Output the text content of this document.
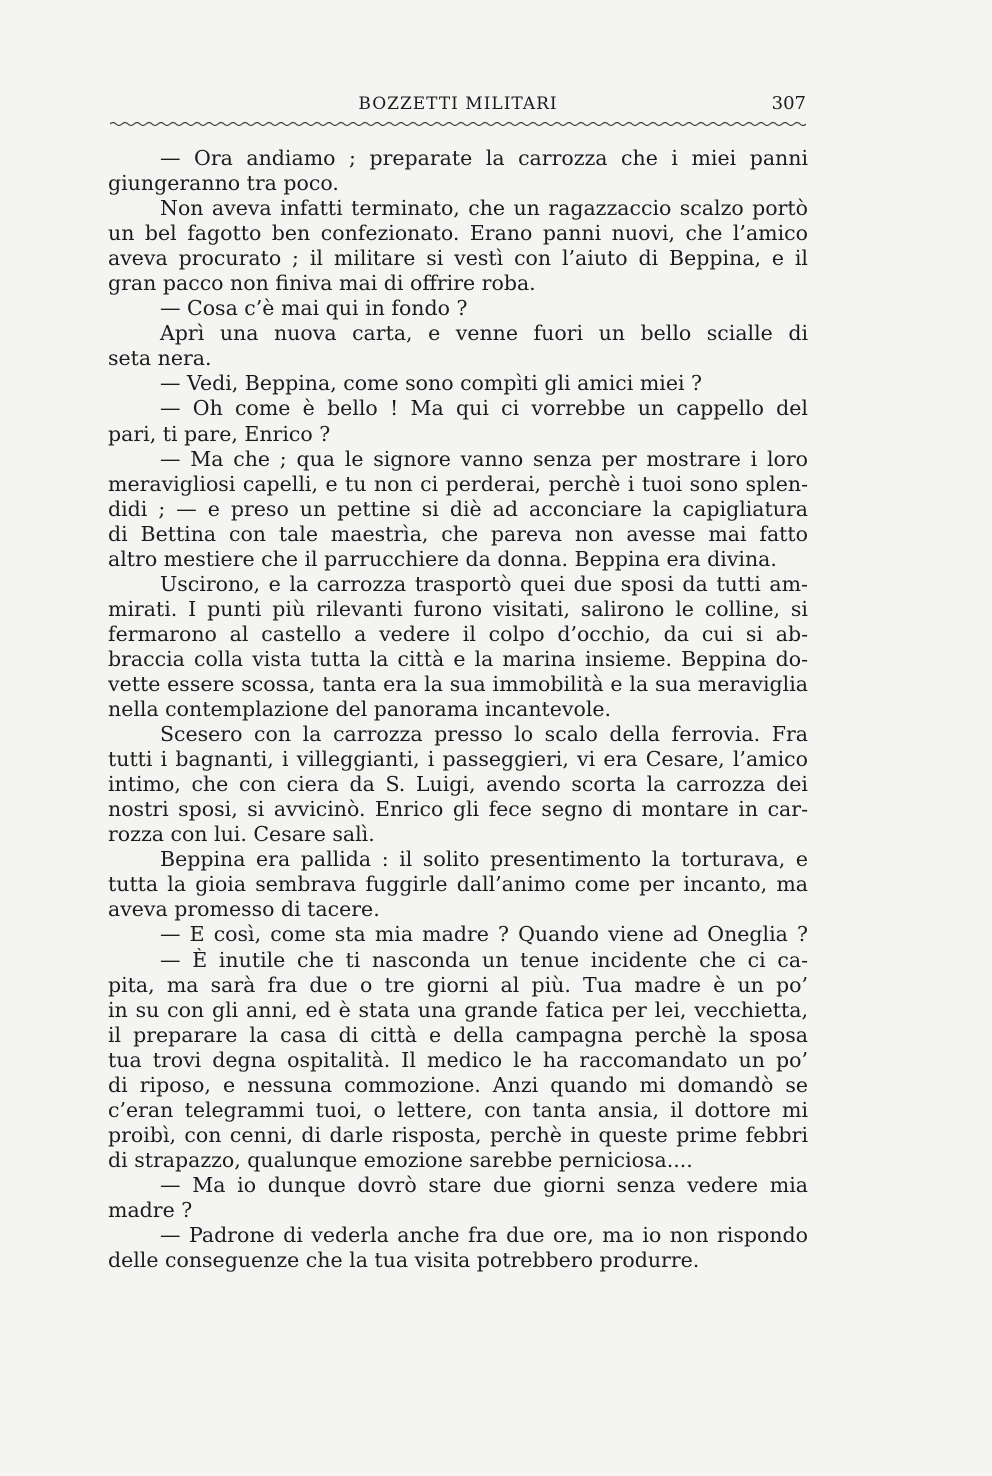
BOZZETTI MILITARI	307
— Ora andiamo ; preparate la carrozza che i miei panni
giungeranno tra poco.
Non aveva infatti terminato, che un ragazzaccio scalzo portò
un bel fagotto ben confezionato. Erano panni nuovi, che l’amico
aveva procurato ; il militare si vestì con l’aiuto di Beppina, e il
gran pacco non finiva mai di offrire roba.
— Cosa c’è mai qui in fondo ?
Aprì una nuova carta, e venne fuori un bello scialle di
seta nera.
— Vedi, Beppina, come sono compìti gli amici miei ?
— Oh come è bello ! Ma qui ci vorrebbe un cappello del
pari, ti pare, Enrico ?
— Ma che ; qua le signore vanno senza per mostrare i loro
meravigliosi capelli, e tu non ci perderai, perchè i tuoi sono splen-
didi ; — e preso un pettine si diè ad acconciare la capigliatura
di Bettina con tale maestrìa, che pareva non avesse mai fatto
altro mestiere che il parrucchiere da donna. Beppina era divina.
Uscirono, e la carrozza trasportò quei due sposi da tutti am-
mirati. I punti più rilevanti furono visitati, salirono le colline, si
fermarono al castello a vedere il colpo d’occhio, da cui si ab-
braccia colla vista tutta la città e la marina insieme. Beppina do-
vette essere scossa, tanta era la sua immobilità e la sua meraviglia
nella contemplazione del panorama incantevole.
Scesero con la carrozza presso lo scalo della ferrovia. Fra
tutti i bagnanti, i villeggianti, i passeggieri, vi era Cesare, l’amico
intimo, che con ciera da S. Luigi, avendo scorta la carrozza dei
nostri sposi, si avvicinò. Enrico gli fece segno di montare in car-
rozza con lui. Cesare salì.
Beppina era pallida : il solito presentimento la torturava, e
tutta la gioia sembrava fuggirle dall’animo come per incanto, ma
aveva promesso di tacere.
— E così, come sta mia madre ? Quando viene ad Oneglia ?
— È inutile che ti nasconda un tenue incidente che ci ca-
pita, ma sarà fra due o tre giorni al più. Tua madre è un po’
in su con gli anni, ed è stata una grande fatica per lei, vecchietta,
il preparare la casa di città e della campagna perchè la sposa
tua trovi degna ospitalità. Il medico le ha raccomandato un po’
di riposo, e nessuna commozione. Anzi quando mi domandò se
c’eran telegrammi tuoi, o lettere, con tanta ansia, il dottore mi
proibì, con cenni, di darle risposta, perchè in queste prime febbri
di strapazzo, qualunque emozione sarebbe perniciosa....
— Ma io dunque dovrò stare due giorni senza vedere mia
madre ?
— Padrone di vederla anche fra due ore, ma io non rispondo
delle conseguenze che la tua visita potrebbero produrre.
